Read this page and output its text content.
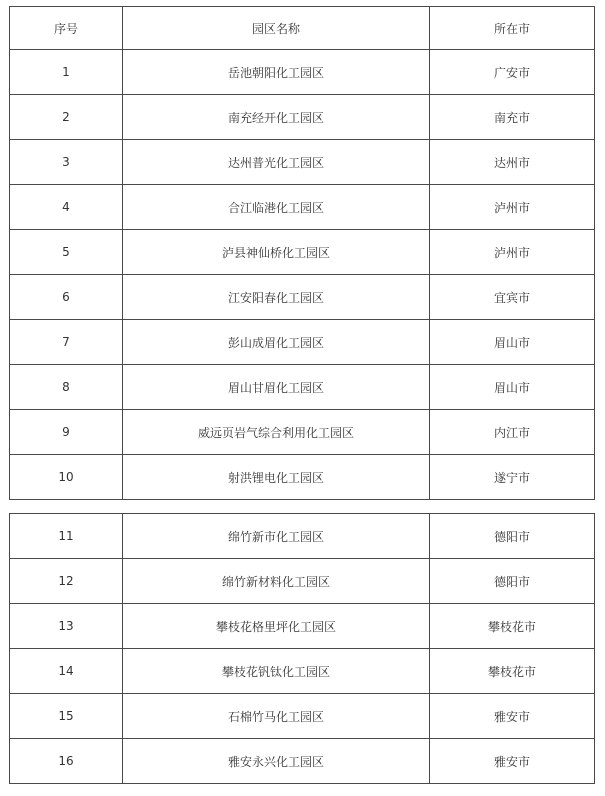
序号	园区名称	所在市
1	岳池朝阳化工园区	广安市
2	南充经开化工园区	南充市
3	达州普光化工园区	达州市
4	合江临港化工园区	泸州市
5	泸县神仙桥化工园区	泸州市
6	江安阳春化工园区	宜宾市
7	彭山成眉化工园区	眉山市
8	眉山甘眉化工园区	眉山市
9	威远页岩气综合利用化工园区	内江市
10	射洪锂电化工园区	遂宁市
11	绵竹新市化工园区	德阳市
12	绵竹新材料化工园区	德阳市
13	攀枝花格里坪化工园区	攀枝花市
14	攀枝花钒钛化工园区	攀枝花市
15	石棉竹马化工园区	雅安市
16	雅安永兴化工园区	雅安市
